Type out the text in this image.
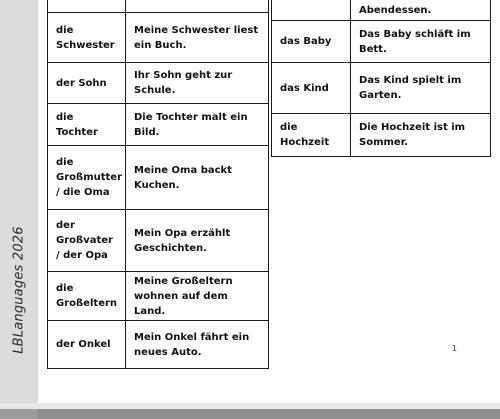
LBLanguages 2026

die Schwester	Meine Schwester liest ein Buch.
der Sohn	Ihr Sohn geht zur Schule.
die Tochter	Die Tochter malt ein Bild.
die Großmutter / die Oma	Meine Oma backt Kuchen.
der Großvater / der Opa	Mein Opa erzählt Geschichten.
die Großeltern	Meine Großeltern wohnen auf dem Land.
der Onkel	Mein Onkel fährt ein neues Auto.
	Abendessen.
das Baby	Das Baby schläft im Bett.
das Kind	Das Kind spielt im Garten.
die Hochzeit	Die Hochzeit ist im Sommer.
1
